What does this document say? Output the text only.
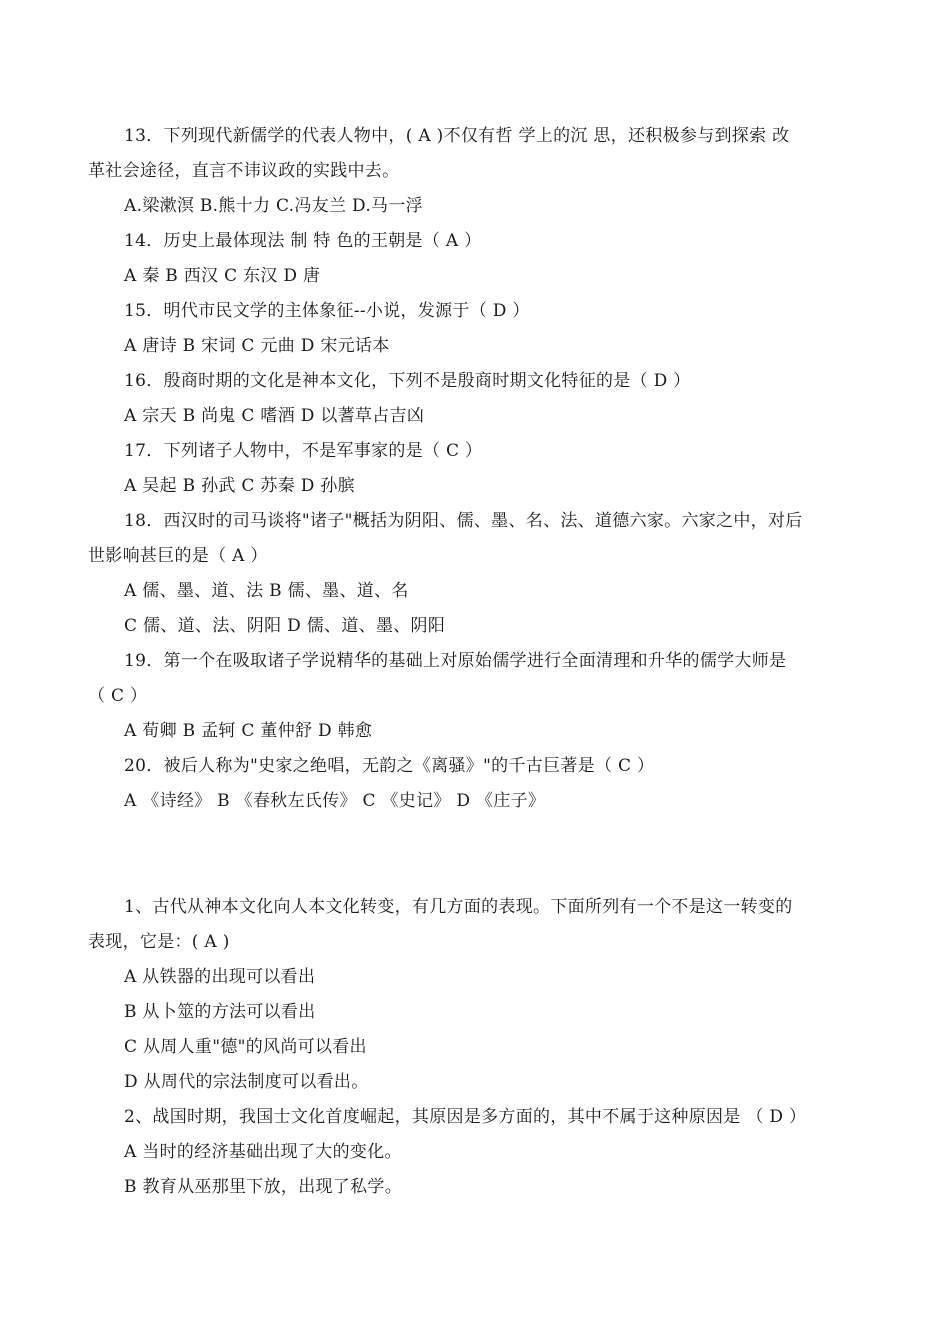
13．下列现代新儒学的代表人物中，( A )不仅有哲 学上的沉 思，还积极参与到探索 改
革社会途径，直言不讳议政的实践中去。
A.梁漱溟 B.熊十力 C.冯友兰 D.马一浮
14．历史上最体现法 制 特 色的王朝是（ A ）
A 秦 B 西汉 C 东汉 D 唐
15．明代市民文学的主体象征--小说，发源于（ D ）
A 唐诗 B 宋词 C 元曲 D 宋元话本
16．殷商时期的文化是神本文化，下列不是殷商时期文化特征的是（ D ）
A 宗天 B 尚鬼 C 嗜酒 D 以蓍草占吉凶
17．下列诸子人物中，不是军事家的是（ C ）
A 吴起 B 孙武 C 苏秦 D 孙膑
18．西汉时的司马谈将"诸子"概括为阴阳、儒、墨、名、法、道德六家。六家之中，对后
世影响甚巨的是（ A ）
A 儒、墨、道、法 B 儒、墨、道、名
C 儒、道、法、阴阳 D 儒、道、墨、阴阳
19．第一个在吸取诸子学说精华的基础上对原始儒学进行全面清理和升华的儒学大师是
（ C ）
A 荀卿 B 孟轲 C 董仲舒 D 韩愈
20．被后人称为"史家之绝唱，无韵之《离骚》"的千古巨著是（ C ）
A 《诗经》 B 《春秋左氏传》 C 《史记》 D 《庄子》
1、古代从神本文化向人本文化转变，有几方面的表现。下面所列有一个不是这一转变的
表现，它是：( A )
A 从铁器的出现可以看出
B 从卜筮的方法可以看出
C 从周人重"德"的风尚可以看出
D 从周代的宗法制度可以看出。
2、战国时期，我国士文化首度崛起，其原因是多方面的，其中不属于这种原因是 （ D ）
A 当时的经济基础出现了大的变化。
B 教育从巫那里下放，出现了私学。
